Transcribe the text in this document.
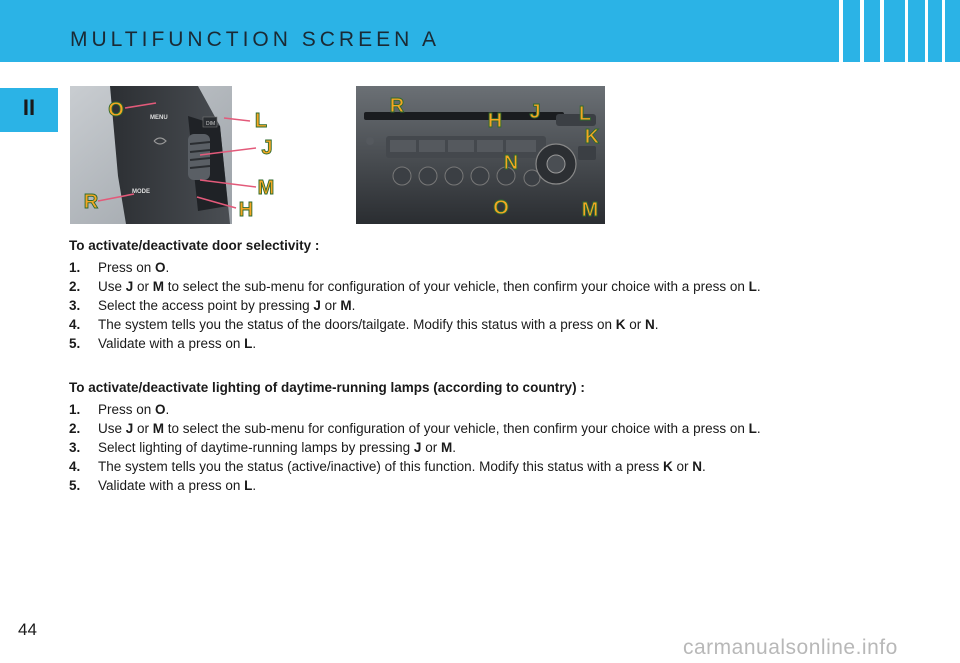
MULTIFUNCTION SCREEN A
II
DIM
MENU
MODE
O	L
J
M
R	H
R
H J L
K
N
O	M
To activate/deactivate door selectivity :
1. Press on O.
2. Use J or M to select the sub-menu for configuration of your vehicle, then confirm your choice with a press on L.
3. Select the access point by pressing J or M.
4. The system tells you the status of the doors/tailgate. Modify this status with a press on K or N.
5. Validate with a press on L.
To activate/deactivate lighting of daytime-running lamps (according to country) :
1. Press on O.
2. Use J or M to select the sub-menu for configuration of your vehicle, then confirm your choice with a press on L.
3. Select lighting of daytime-running lamps by pressing J or M.
4. The system tells you the status (active/inactive) of this function. Modify this status with a press K or N.
5. Validate with a press on L.
44
carmanualsonline.info
